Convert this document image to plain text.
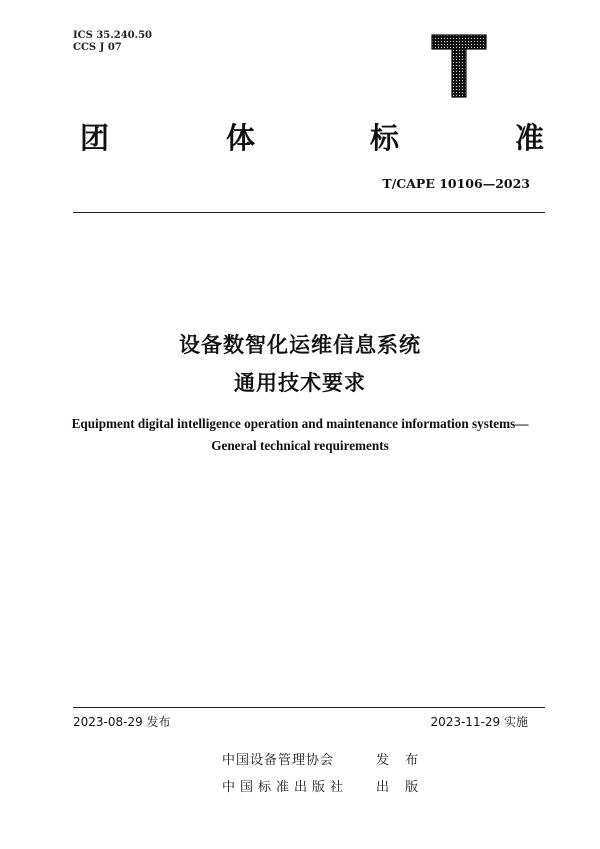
ICS 35.240.50
CCS J 07
团	体	标	准
T/CAPE 10106—2023
设备数智化运维信息系统
通用技术要求
Equipment digital intelligence operation and maintenance information systems—
General technical requirements
2023-08-29 发布	2023-11-29 实施
中国设备管理协会	发 布
中国标准出版社 出 版
